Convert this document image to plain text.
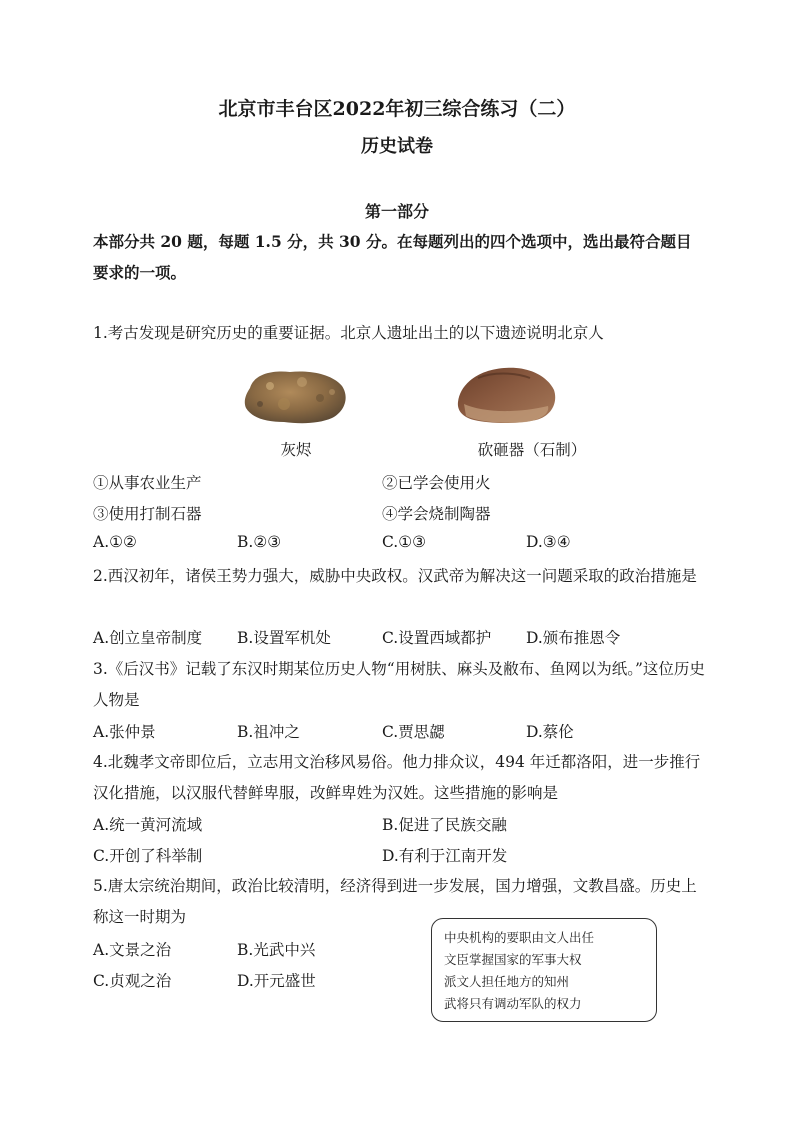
北京市丰台区2022年初三综合练习（二）
历史试卷
第一部分
本部分共 20 题，每题 1.5 分，共 30 分。在每题列出的四个选项中，选出最符合题目要求的一项。
1.考古发现是研究历史的重要证据。北京人遗址出土的以下遗迹说明北京人
灰烬	砍砸器（石制）
①从事农业生产	②已学会使用火
③使用打制石器	④学会烧制陶器
A.①②	B.②③	C.①③	D.③④
2.西汉初年，诸侯王势力强大，威胁中央政权。汉武帝为解决这一问题采取的政治措施是
A.创立皇帝制度 B.设置军机处	C.设置西域都护 D.颁布推恩令
3.《后汉书》记载了东汉时期某位历史人物“用树肤、麻头及敝布、鱼网以为纸。”这位历史人物是
A.张仲景	B.祖冲之	C.贾思勰	D.蔡伦
4.北魏孝文帝即位后，立志用文治移风易俗。他力排众议，494 年迁都洛阳，进一步推行汉化措施，以汉服代替鲜卑服，改鲜卑姓为汉姓。这些措施的影响是
A.统一黄河流域	B.促进了民族交融
C.开创了科举制	D.有利于江南开发
5.唐太宗统治期间，政治比较清明，经济得到进一步发展，国力增强，文教昌盛。历史上称这一时期为
A.文景之治	B.光武中兴
C.贞观之治	D.开元盛世
中央机构的要职由文人出任
文臣掌握国家的军事大权
派文人担任地方的知州
武将只有调动军队的权力
